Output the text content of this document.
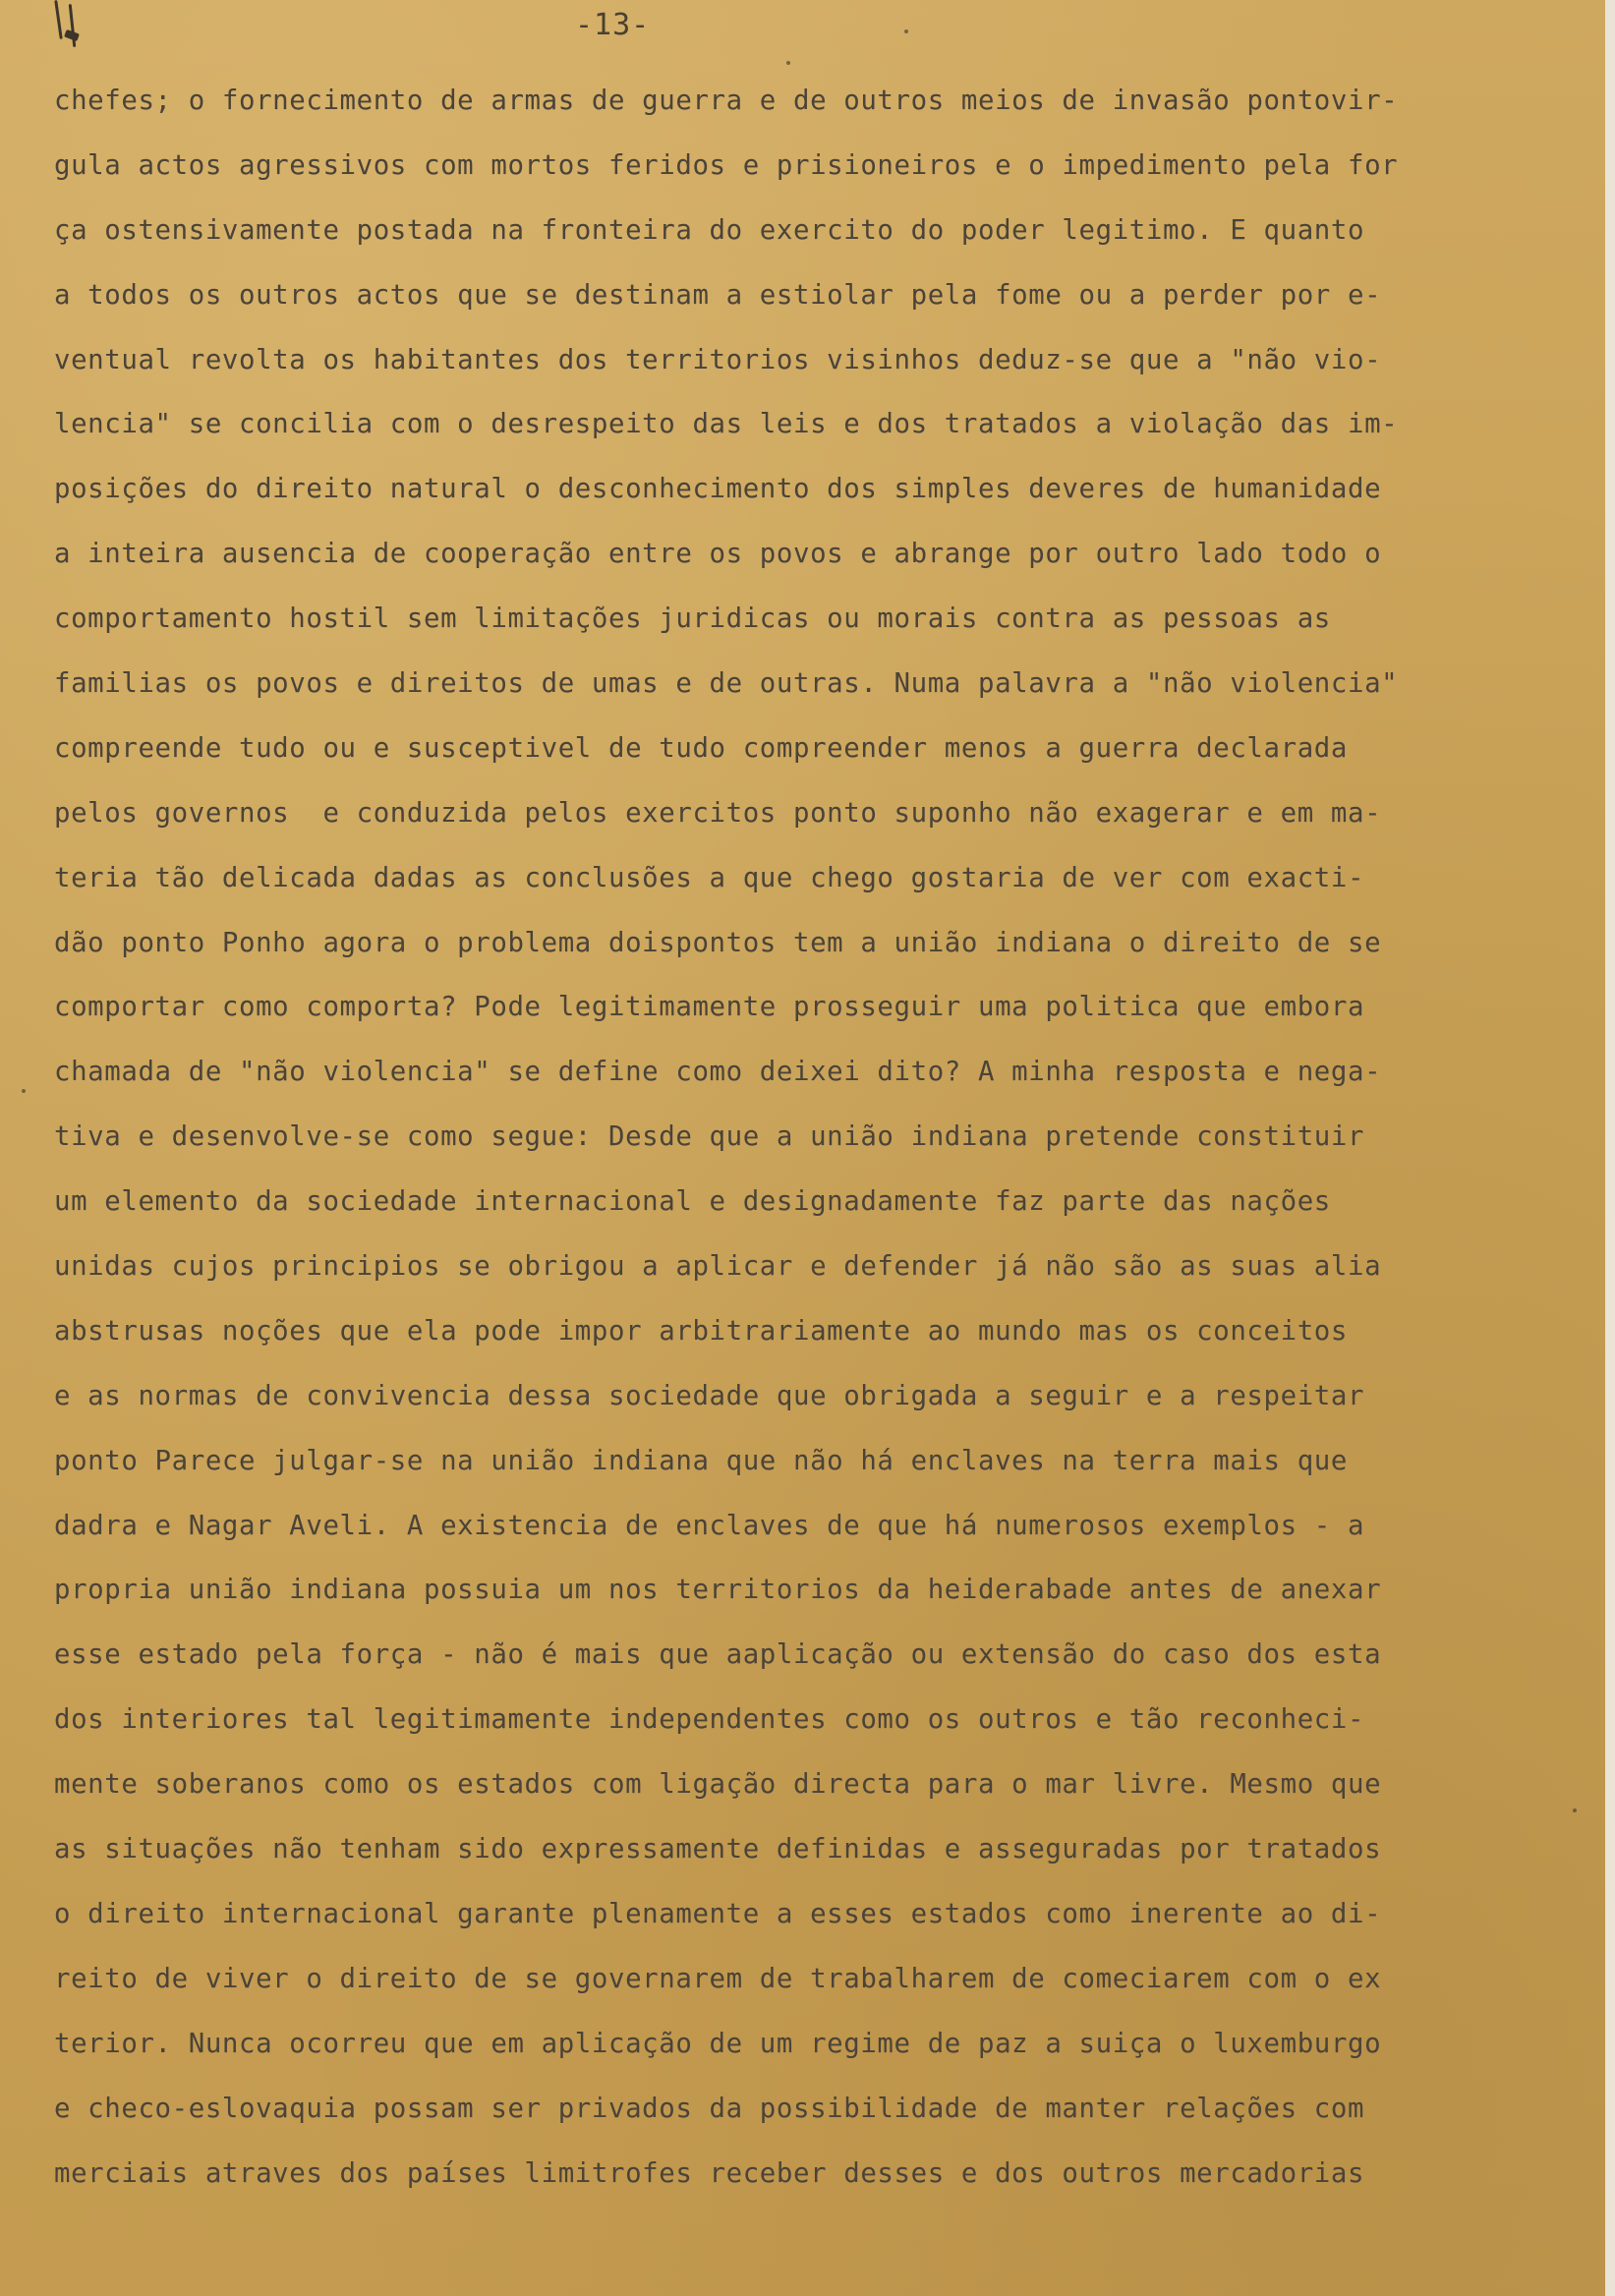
-13-
chefes; o fornecimento de armas de guerra e de outros meios de invasão pontovir-
gula actos agressivos com mortos feridos e prisioneiros e o impedimento pela for
ça ostensivamente postada na fronteira do exercito do poder legitimo. E quanto
a todos os outros actos que se destinam a estiolar pela fome ou a perder por e-
ventual revolta os habitantes dos territorios visinhos deduz-se que a "não vio-
lencia" se concilia com o desrespeito das leis e dos tratados a violação das im-
posições do direito natural o desconhecimento dos simples deveres de humanidade
a inteira ausencia de cooperação entre os povos e abrange por outro lado todo o
comportamento hostil sem limitações juridicas ou morais contra as pessoas as
familias os povos e direitos de umas e de outras. Numa palavra a "não violencia"
compreende tudo ou e susceptivel de tudo compreender menos a guerra declarada
pelos governos  e conduzida pelos exercitos ponto suponho não exagerar e em ma-
teria tão delicada dadas as conclusões a que chego gostaria de ver com exacti-
dão ponto Ponho agora o problema doispontos tem a união indiana o direito de se
comportar como comporta? Pode legitimamente prosseguir uma politica que embora
chamada de "não violencia" se define como deixei dito? A minha resposta e nega-
tiva e desenvolve-se como segue: Desde que a união indiana pretende constituir
um elemento da sociedade internacional e designadamente faz parte das nações
unidas cujos principios se obrigou a aplicar e defender já não são as suas alia
abstrusas noções que ela pode impor arbitrariamente ao mundo mas os conceitos
e as normas de convivencia dessa sociedade que obrigada a seguir e a respeitar
ponto Parece julgar-se na união indiana que não há enclaves na terra mais que
dadra e Nagar Aveli. A existencia de enclaves de que há numerosos exemplos - a
propria união indiana possuia um nos territorios da heiderabade antes de anexar
esse estado pela força - não é mais que aaplicação ou extensão do caso dos esta
dos interiores tal legitimamente independentes como os outros e tão reconheci-
mente soberanos como os estados com ligação directa para o mar livre. Mesmo que
as situações não tenham sido expressamente definidas e asseguradas por tratados
o direito internacional garante plenamente a esses estados como inerente ao di-
reito de viver o direito de se governarem de trabalharem de comeciarem com o ex
terior. Nunca ocorreu que em aplicação de um regime de paz a suiça o luxemburgo
e checo-eslovaquia possam ser privados da possibilidade de manter relações com
merciais atraves dos países limitrofes receber desses e dos outros mercadorias
